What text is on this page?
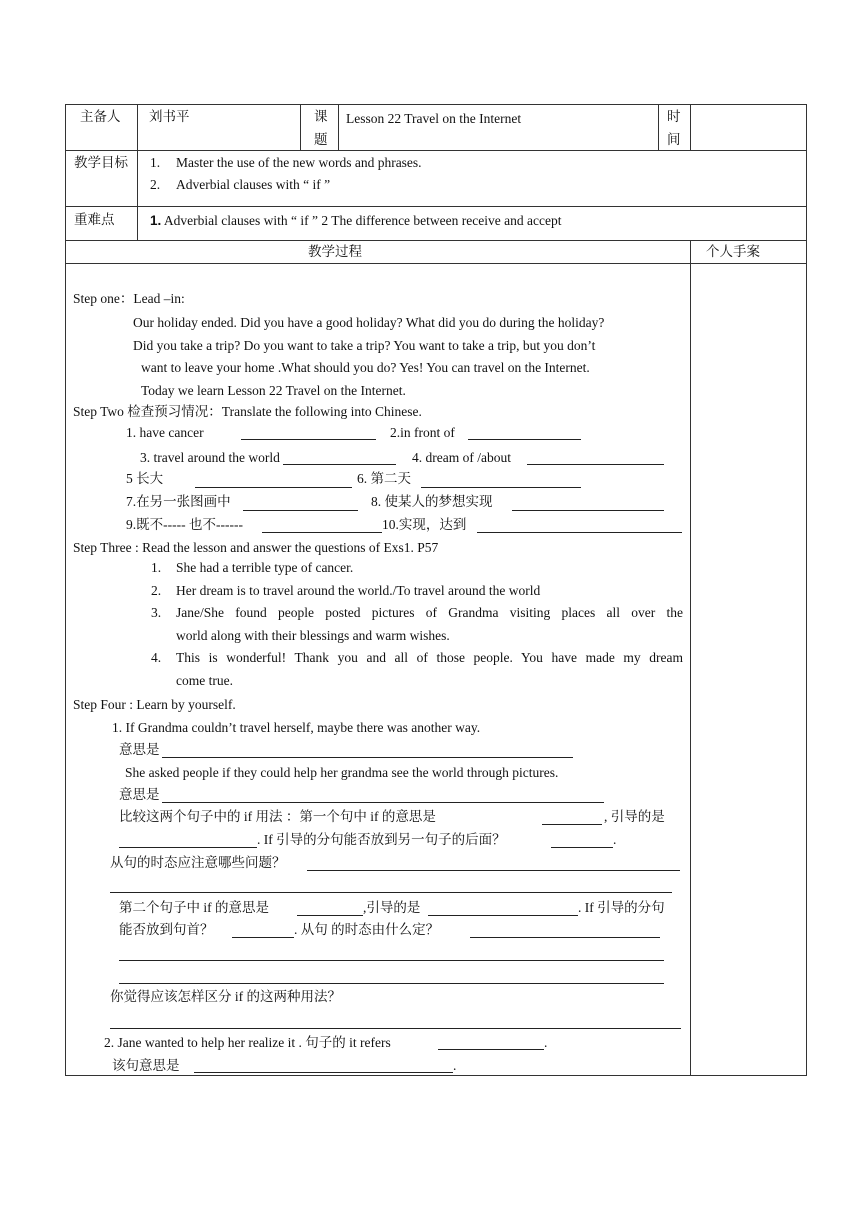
主备人 刘书平	课
题
Lesson 22 Travel on the Internet	时
间
教学目标 1. Master the use of the new words and phrases.
2. Adverbial clauses with “ if ”
重难点	1. Adverbial clauses with “ if ” 2 The difference between receive and accept
教学过程	个人手案
Step one：Lead –in:
Our holiday ended. Did you have a good holiday? What did you do during the holiday?
Did you take a trip? Do you want to take a trip? You want to take a trip, but you don’t
want to leave your home .What should you do? Yes! You can travel on the Internet.
Today we learn Lesson 22 Travel on the Internet.
Step Two 检查预习情况：Translate the following into Chinese.
1. have cancer	2.in front of
3. travel around the world	4. dream of /about
5 长大	6. 第二天
7.在另一张图画中	8. 使某人的梦想实现
9.既不----- 也不------	10.实现，达到
Step Three : Read the lesson and answer the questions of Exs1. P57
1. She had a terrible type of cancer.
2. Her dream is to travel around the world./To travel around the world
3. Jane/She found people posted pictures of Grandma visiting places all over the
world along with their blessings and warm wishes.
4. This is wonderful! Thank you and all of those people. You have made my dream
come true.
Step Four : Learn by yourself.
1. If Grandma couldn’t travel herself, maybe there was another way.
意思是
She asked people if they could help her grandma see the world through pictures.
意思是
比较这两个句子中的 if 用法 ：第一个句中 if 的意思是	, 引导的是
. If 引导的分句能否放到另一句子的后面？	.
从句的时态应注意哪些问题？
第二个句子中 if 的意思是	,引导的是	. If 引导的分句
能否放到句首？	. 从句 的时态由什么定？
你觉得应该怎样区分 if 的这两种用法？
2. Jane wanted to help her realize it . 句子的 it refers	.
该句意思是	.
